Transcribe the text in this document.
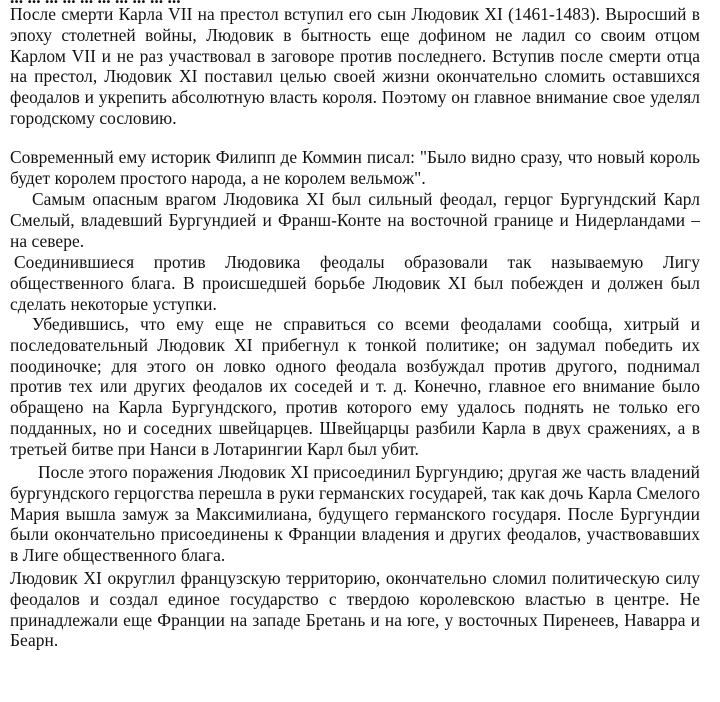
После смерти Карла VII на престол вступил его сын Людовик XI (1461-1483). Выросший в эпоху столетней войны, Людовик в бытность еще дофином не ладил со своим отцом Карлом VII и не раз участвовал в заговоре против последнего. Вступив после смерти отца на престол, Людовик XI поставил целью своей жизни окончательно сломить оставшихся феодалов и укрепить абсолютную власть короля. Поэтому он главное внимание свое уделял городскому сословию.

Современный ему историк Филипп де Коммин писал: "Было видно сразу, что новый король будет королем простого народа, а не королем вельмож".

Самым опасным врагом Людовика XI был сильный феодал, герцог Бургундский Карл Смелый, владевший Бургундией и Франш-Конте на восточной границе и Нидерландами – на севере.

Соединившиеся против Людовика феодалы образовали так называемую Лигу общественного блага. В происшедшей борьбе Людовик XI был побежден и должен был сделать некоторые уступки.

Убедившись, что ему еще не справиться со всеми феодалами сообща, хитрый и последовательный Людовик XI прибегнул к тонкой политике; он задумал победить их поодиночке; для этого он ловко одного феодала возбуждал против другого, поднимал против тех или других феодалов их соседей и т. д. Конечно, главное его внимание было обращено на Карла Бургундского, против которого ему удалось поднять не только его подданных, но и соседних швейцарцев. Швейцарцы разбили Карла в двух сражениях, а в третьей битве при Нанси в Лотарингии Карл был убит.

После этого поражения Людовик XI присоединил Бургундию; другая же часть владений бургундского герцогства перешла в руки германских государей, так как дочь Карла Смелого Мария вышла замуж за Максимилиана, будущего германского государя. После Бургундии были окончательно присоединены к Франции владения и других феодалов, участвовавших в Лиге общественного блага.

Людовик XI округлил французскую территорию, окончательно сломил политическую силу феодалов и создал единое государство с твердою королевскою властью в центре. Не принадлежали еще Франции на западе Бретань и на юге, у восточных Пиренеев, Наварра и Беарн.
